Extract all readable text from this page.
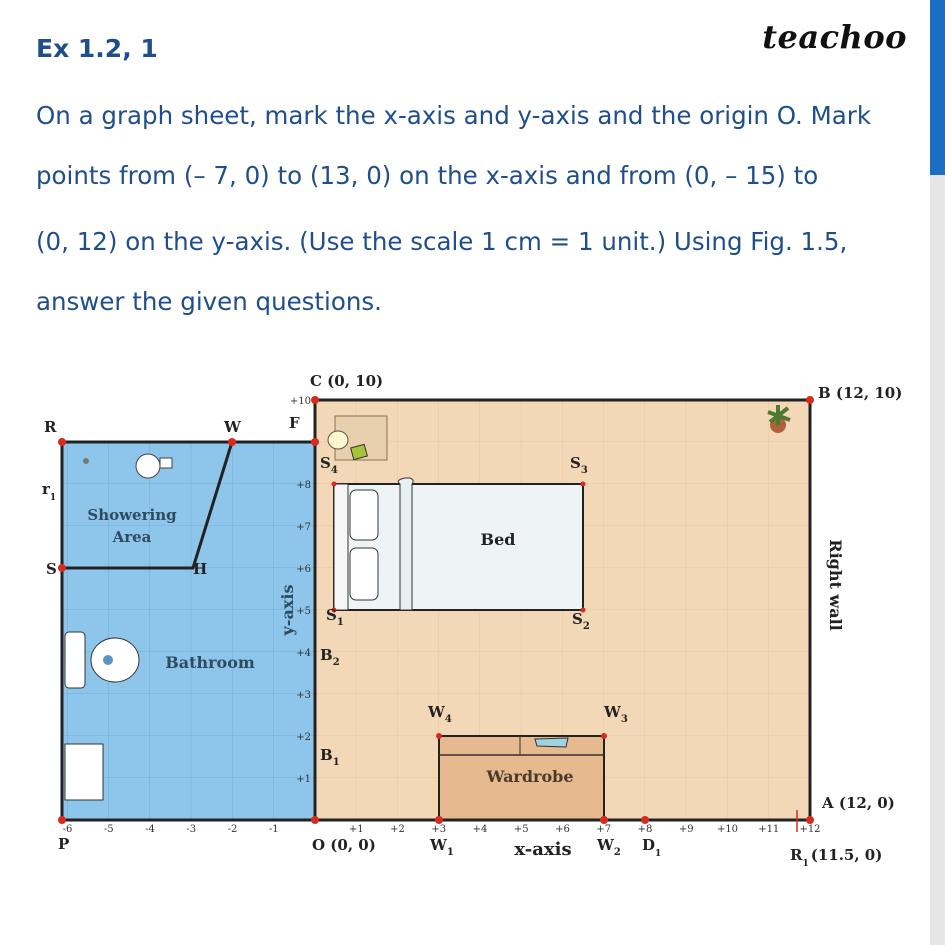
Ex 1.2, 1	teachoo

On a graph sheet, mark the x-axis and y-axis and the origin O. Mark

points from (– 7, 0) to (13, 0) on the x-axis and from (0, – 15) to

(0, 12) on the y-axis. (Use the scale 1 cm = 1 unit.) Using Fig. 1.5,

answer the given questions.

-6	-5	-4	-3	-2	-1	+1	+2	+3	+4	+5	+6	+7	+8	+9 +10 +11 +12
+1
+2
+3
+4
+5
+6
+7
+8
+10
C (0, 10)
B (12, 10)
A (12, 0)
O (0, 0)
P
R
$r_1$
S	H
W	F
$S_4$	$S_3$
$S_1$	$S_2$
$B_2$
$B_1$
$W_4$	$W_3$
$W_1$	$W_2$ $D_1$	$R_1$ (11.5, 0)
Showering
Area
Bathroom
Bed
Wardrobe
x-axis
y-axis	Right wall
